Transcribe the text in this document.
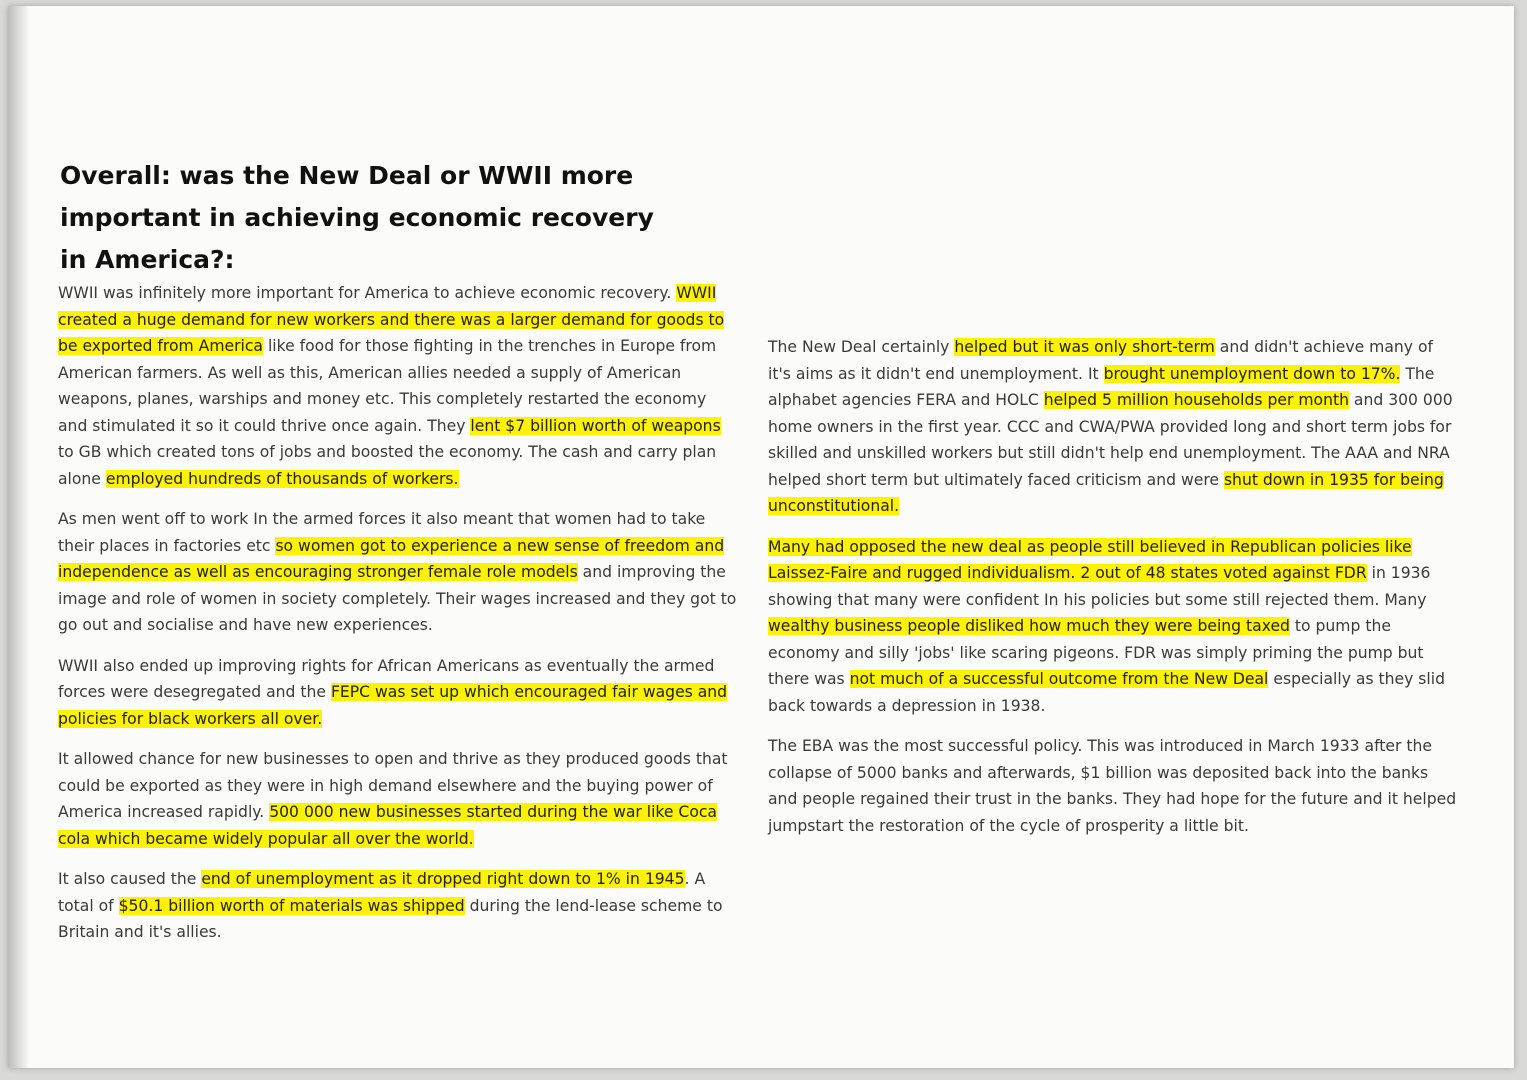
Overall: was the New Deal or WWII more important in achieving economic recovery in America?:

WWII was infinitely more important for America to achieve economic recovery. WWII created a huge demand for new workers and there was a larger demand for goods to be exported from America like food for those fighting in the trenches in Europe from American farmers. As well as this, American allies needed a supply of American weapons, planes, warships and money etc. This completely restarted the economy and stimulated it so it could thrive once again. They lent $7 billion worth of weapons to GB which created tons of jobs and boosted the economy. The cash and carry plan alone employed hundreds of thousands of workers.

As men went off to work In the armed forces it also meant that women had to take their places in factories etc so women got to experience a new sense of freedom and independence as well as encouraging stronger female role models and improving the image and role of women in society completely. Their wages increased and they got to go out and socialise and have new experiences.

WWII also ended up improving rights for African Americans as eventually the armed forces were desegregated and the FEPC was set up which encouraged fair wages and policies for black workers all over.

It allowed chance for new businesses to open and thrive as they produced goods that could be exported as they were in high demand elsewhere and the buying power of America increased rapidly. 500 000 new businesses started during the war like Coca cola which became widely popular all over the world.

It also caused the end of unemployment as it dropped right down to 1% in 1945. A total of $50.1 billion worth of materials was shipped during the lend-lease scheme to Britain and it's allies.

The New Deal certainly helped but it was only short-term and didn't achieve many of it's aims as it didn't end unemployment. It brought unemployment down to 17%. The alphabet agencies FERA and HOLC helped 5 million households per month and 300 000 home owners in the first year. CCC and CWA/PWA provided long and short term jobs for skilled and unskilled workers but still didn't help end unemployment. The AAA and NRA helped short term but ultimately faced criticism and were shut down in 1935 for being unconstitutional.

Many had opposed the new deal as people still believed in Republican policies like Laissez-Faire and rugged individualism. 2 out of 48 states voted against FDR in 1936 showing that many were confident In his policies but some still rejected them. Many wealthy business people disliked how much they were being taxed to pump the economy and silly 'jobs' like scaring pigeons. FDR was simply priming the pump but there was not much of a successful outcome from the New Deal especially as they slid back towards a depression in 1938.

The EBA was the most successful policy. This was introduced in March 1933 after the collapse of 5000 banks and afterwards, $1 billion was deposited back into the banks and people regained their trust in the banks. They had hope for the future and it helped jumpstart the restoration of the cycle of prosperity a little bit.
